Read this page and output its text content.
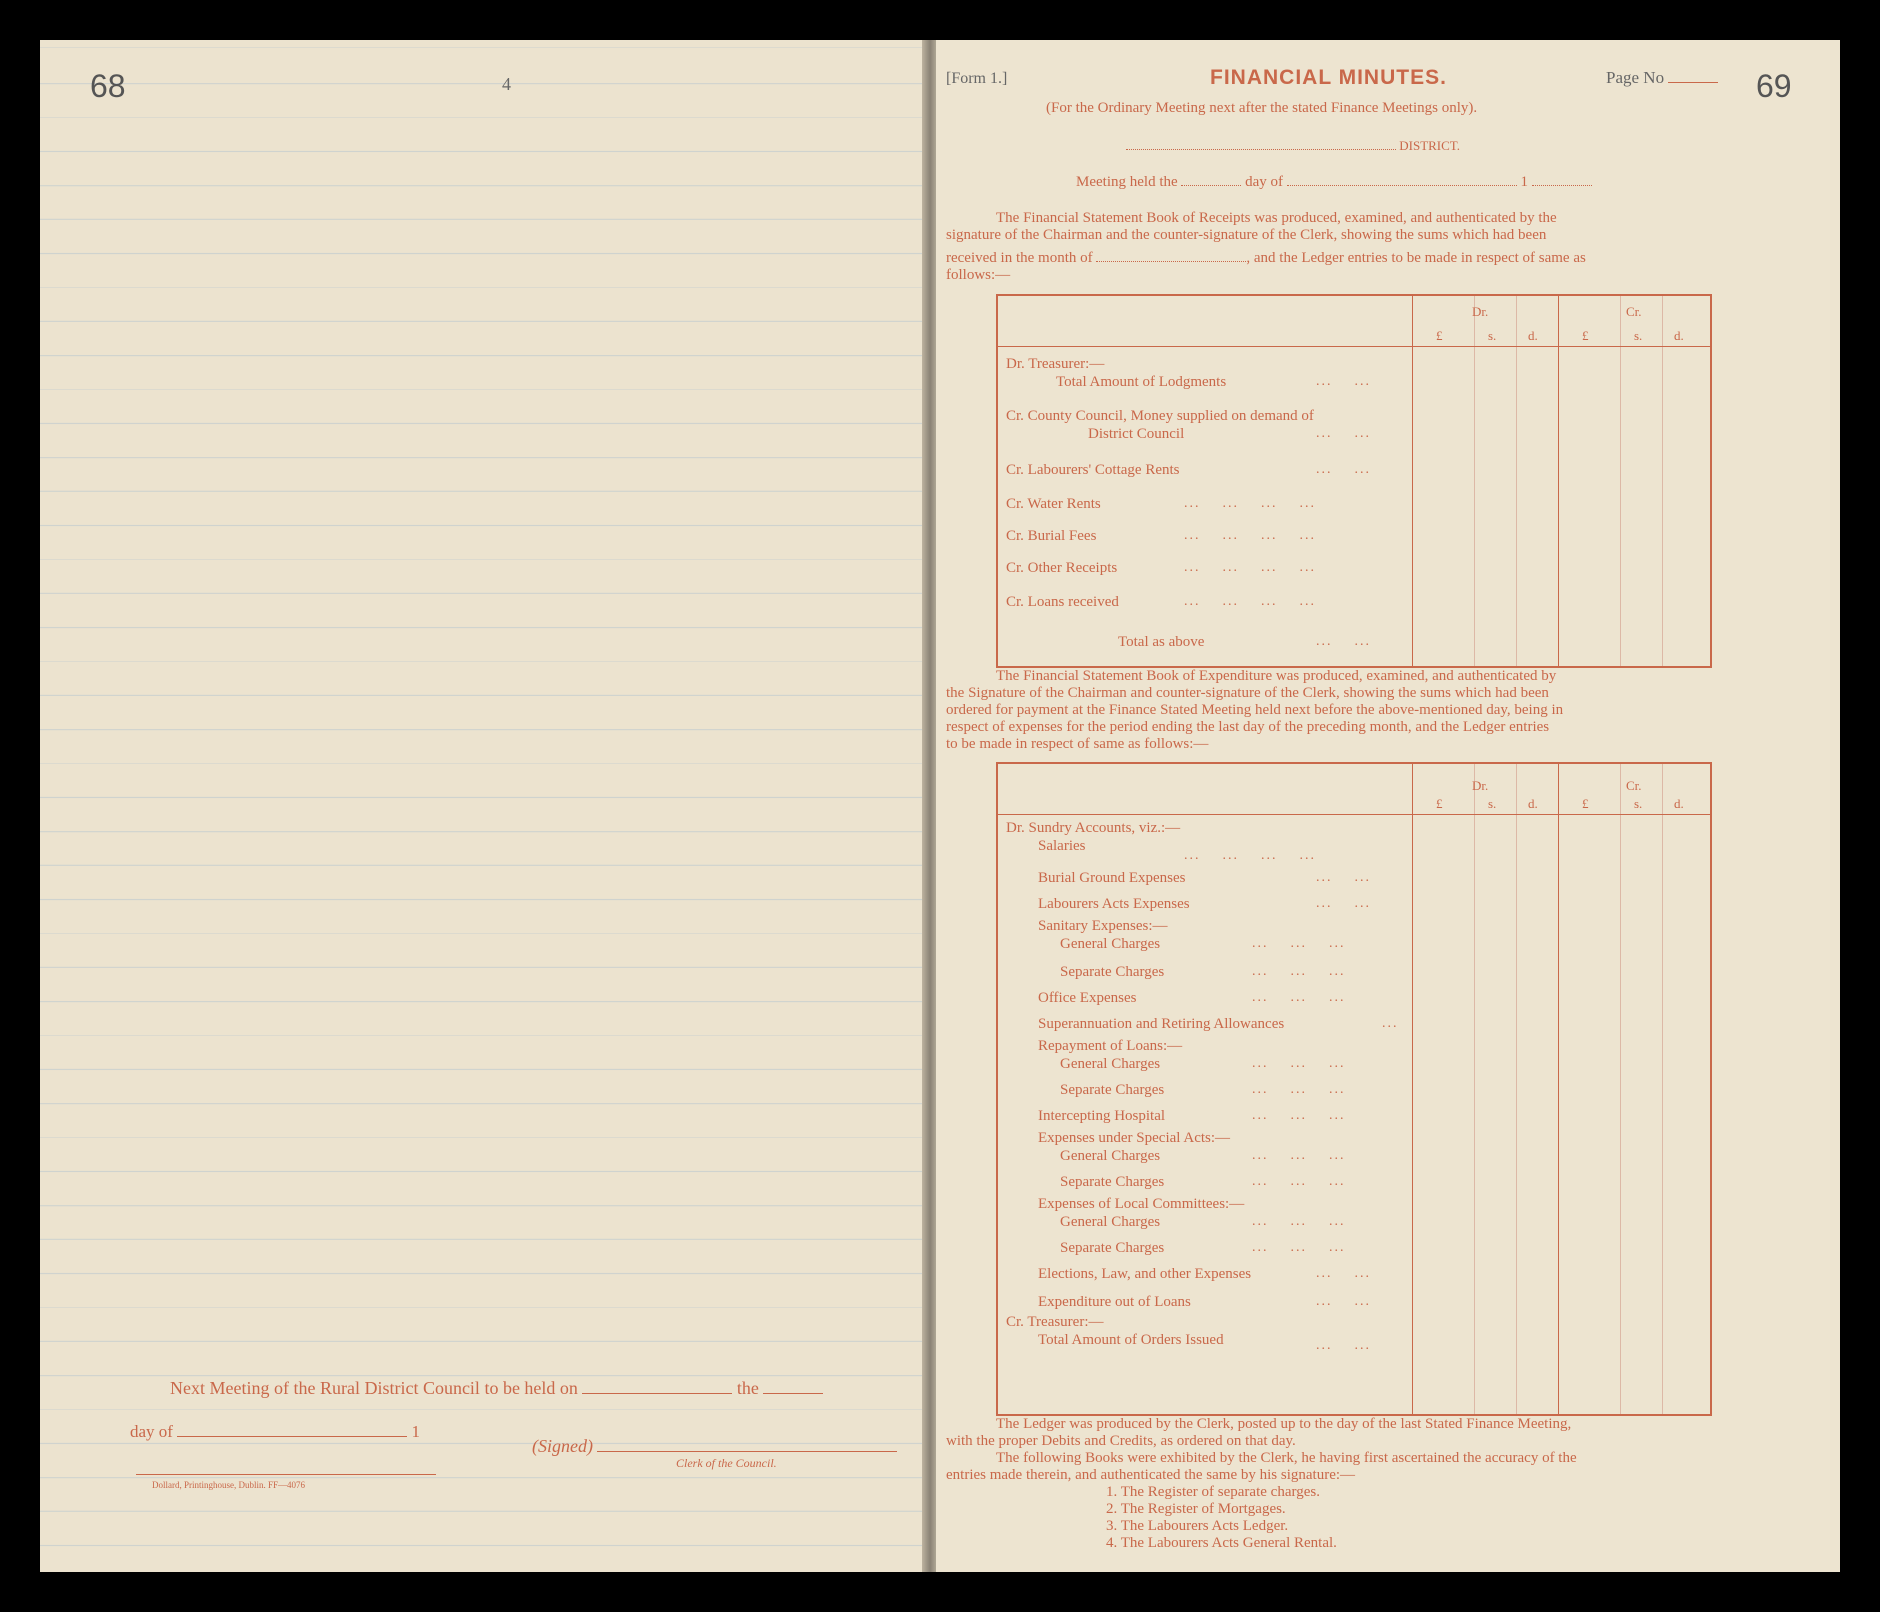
68	4
Next Meeting of the Rural District Council to be held on	the
day of	1
(Signed)
Clerk of the Council.
Dollard, Printinghouse, Dublin. FF—4076
[Form 1.]	FINANCIAL MINUTES.	Page No	69
(For the Ordinary Meeting next after the stated Finance Meetings only).
DISTRICT.
Meeting held the	day of	1
The Financial Statement Book of Receipts was produced, examined, and authenticated by the
signature of the Chairman and the counter-signature of the Clerk, showing the sums which had been
received in the month of	, and the Ledger entries to be made in respect of same as
follows:—
Dr.	Cr.
£	s. d.	£	s. d.
Dr. Treasurer:—
Total Amount of Lodgments	...    ...
Cr. County Council, Money supplied on demand of
District Council	...    ...
Cr. Labourers' Cottage Rents	...    ...
Cr. Water Rents	...    ...    ...    ...
Cr. Burial Fees	...    ...    ...    ...
Cr. Other Receipts	...    ...    ...    ...
Cr. Loans received	...    ...    ...    ...
Total as above	...    ...
The Financial Statement Book of Expenditure was produced, examined, and authenticated by
the Signature of the Chairman and counter-signature of the Clerk, showing the sums which had been
ordered for payment at the Finance Stated Meeting held next before the above-mentioned day, being in
respect of expenses for the period ending the last day of the preceding month, and the Ledger entries
to be made in respect of same as follows:—
Dr.	Cr.
£	s. d.	£	s. d.
Dr. Sundry Accounts, viz.:—
Salaries
...    ...    ...    ...
Burial Ground Expenses	...    ...
Labourers Acts Expenses	...    ...
Sanitary Expenses:—
General Charges	...    ...    ...
Separate Charges	...    ...    ...
Office Expenses	...    ...    ...
Superannuation and Retiring Allowances	...
Repayment of Loans:—
General Charges	...    ...    ...
Separate Charges	...    ...    ...
Intercepting Hospital	...    ...    ...
Expenses under Special Acts:—
General Charges	...    ...    ...
Separate Charges	...    ...    ...
Expenses of Local Committees:—
General Charges	...    ...    ...
Separate Charges	...    ...    ...
Elections, Law, and other Expenses	...    ...
Expenditure out of Loans	...    ...
Cr. Treasurer:—
Total Amount of Orders Issued	...    ...
The Ledger was produced by the Clerk, posted up to the day of the last Stated Finance Meeting,
with the proper Debits and Credits, as ordered on that day.
The following Books were exhibited by the Clerk, he having first ascertained the accuracy of the
entries made therein, and authenticated the same by his signature:—
1. The Register of separate charges.
2. The Register of Mortgages.
3. The Labourers Acts Ledger.
4. The Labourers Acts General Rental.
